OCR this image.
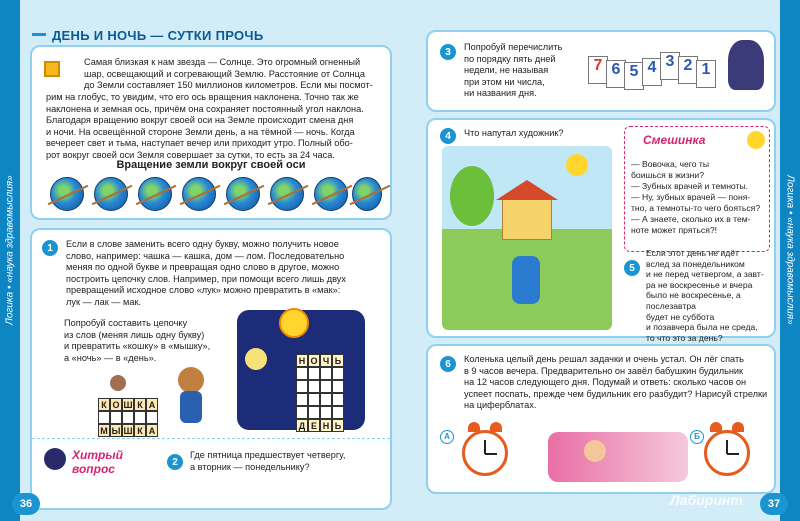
Логика • «наука здравомыслия»	Логика • «наука здравомыслия»
ДЕНЬ И НОЧЬ — СУТКИ ПРОЧЬ
Самая близкая к нам звезда — Солнце. Это огромный огненный
шар, освещающий и согревающий Землю. Расстояние от Солнца
до Земли составляет 150 миллионов километров. Если мы посмот-
рим на глобус, то увидим, что его ось вращения наклонена. Точно так же
наклонена и земная ось, причём она сохраняет постоянный угол наклона.
Благодаря вращению вокруг своей оси на Земле происходит смена дня
и ночи. На освещённой стороне Земли день, а на тёмной — ночь. Когда
вечереет свет и тьма, наступает вечер или приходит утро. Полный обо-
рот вокруг своей оси Земля совершает за сутки, то есть за 24 часа.
Вращение земли вокруг своей оси
1	Если в слове заменить всего одну букву, можно получить новое
слово, например: чашка — кашка, дом — лом. Последовательно
меняя по одной букве и превращая одно слово в другое, можно
построить цепочку слов. Например, при помощи всего лишь двух
превращений исходное слово «лук» можно превратить в «мак»:
лук — лак — мак.
Попробуй составить цепочку
из слов (меняя лишь одну букву)
и превратить «кошку» в «мышку»,
а «ночь» — в «день».
К О Ш К А
М Ы Ш К А
Н О Ч Ь
Д Е Н Ь
Хитрый
вопрос	2
Где пятница предшествует четвергу,
а вторник — понедельнику?
36
3	Попробуй перечислить
по порядку пять дней
недели, не называя
при этом ни числа,
ни названия дня.
7 6 5 4 3 2 1
4	Что напутал художник?	Смешинка
— Вовочка, чего ты
боишься в жизни?
— Зубных врачей и темноты.
— Ну, зубных врачей — поня-
тно, а темноты-то чего бояться?
— А знаете, сколько их в тем-
ноте может пряться?!
5
Если этот день не идёт
вслед за понедельником
и не перед четвергом, а завт-
ра не воскресенье и вчера
было не воскресенье, а послезавтра
будет не суббота
и позавчера была не среда,
то что это за день?
6	Коленька целый день решал задачки и очень устал. Он лёг спать
в 9 часов вечера. Предварительно он завёл бабушкин будильник
на 12 часов следующего дня. Подумай и ответь: сколько часов он
успеет поспать, прежде чем будильник его разбудит? Нарисуй стрелки
на циферблатах.
А	Б
Лабиринт	37
